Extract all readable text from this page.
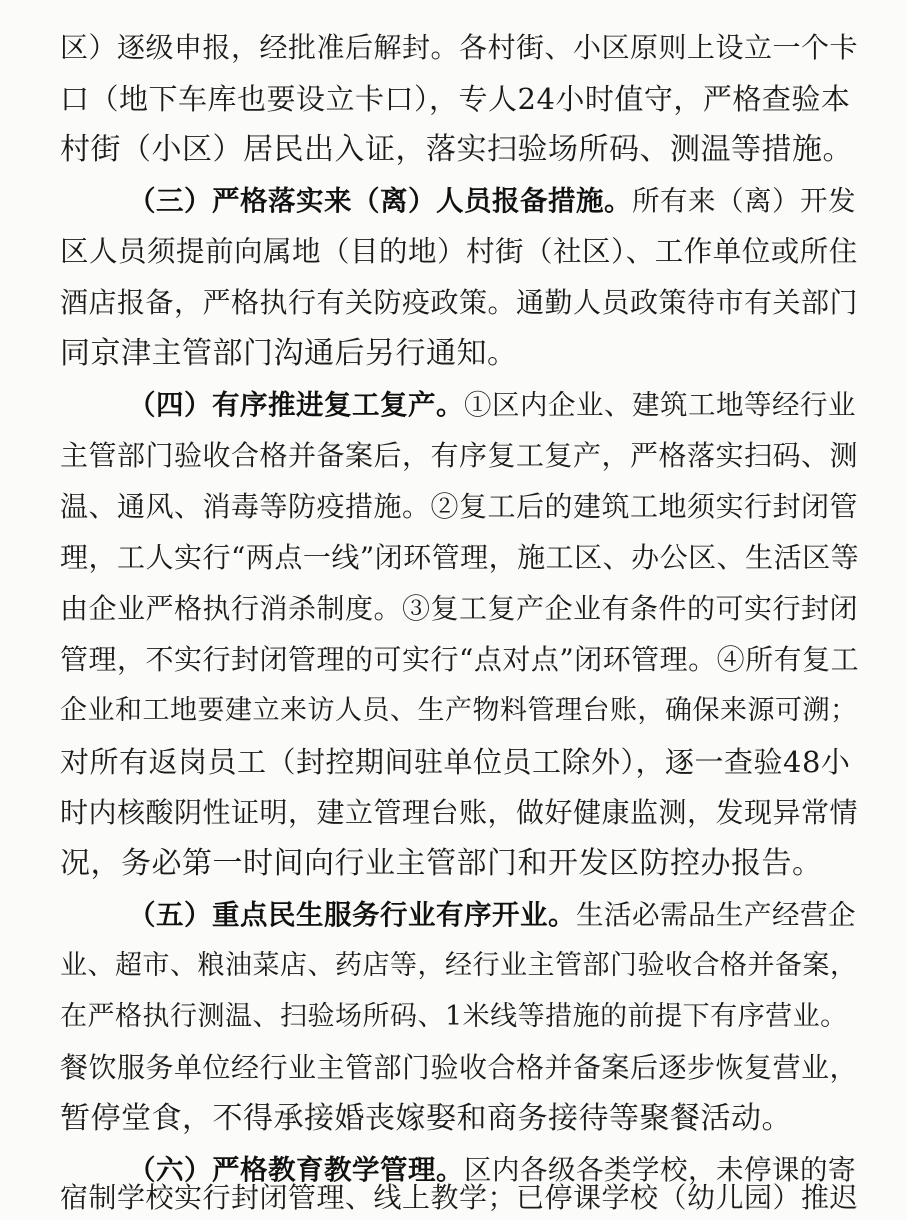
区）逐级申报，经批准后解封。各村街、小区原则上设立一个卡
口（地下车库也要设立卡口），专人24小时值守，严格查验本
村街（小区）居民出入证，落实扫验场所码、测温等措施。
（三）严格落实来（离）人员报备措施。所有来（离）开发
区人员须提前向属地（目的地）村街（社区）、工作单位或所住
酒店报备，严格执行有关防疫政策。通勤人员政策待市有关部门
同京津主管部门沟通后另行通知。
（四）有序推进复工复产。①区内企业、建筑工地等经行业
主管部门验收合格并备案后，有序复工复产，严格落实扫码、测
温、通风、消毒等防疫措施。②复工后的建筑工地须实行封闭管
理，工人实行“两点一线”闭环管理，施工区、办公区、生活区等
由企业严格执行消杀制度。③复工复产企业有条件的可实行封闭
管理，不实行封闭管理的可实行“点对点”闭环管理。④所有复工
企业和工地要建立来访人员、生产物料管理台账，确保来源可溯；
对所有返岗员工（封控期间驻单位员工除外），逐一查验48小
时内核酸阴性证明，建立管理台账，做好健康监测，发现异常情
况，务必第一时间向行业主管部门和开发区防控办报告。
（五）重点民生服务行业有序开业。生活必需品生产经营企
业、超市、粮油菜店、药店等，经行业主管部门验收合格并备案，
在严格执行测温、扫验场所码、1米线等措施的前提下有序营业。
餐饮服务单位经行业主管部门验收合格并备案后逐步恢复营业，
暂停堂食，不得承接婚丧嫁娶和商务接待等聚餐活动。
（六）严格教育教学管理。区内各级各类学校，未停课的寄
宿制学校实行封闭管理、线上教学；已停课学校（幼儿园）推迟
